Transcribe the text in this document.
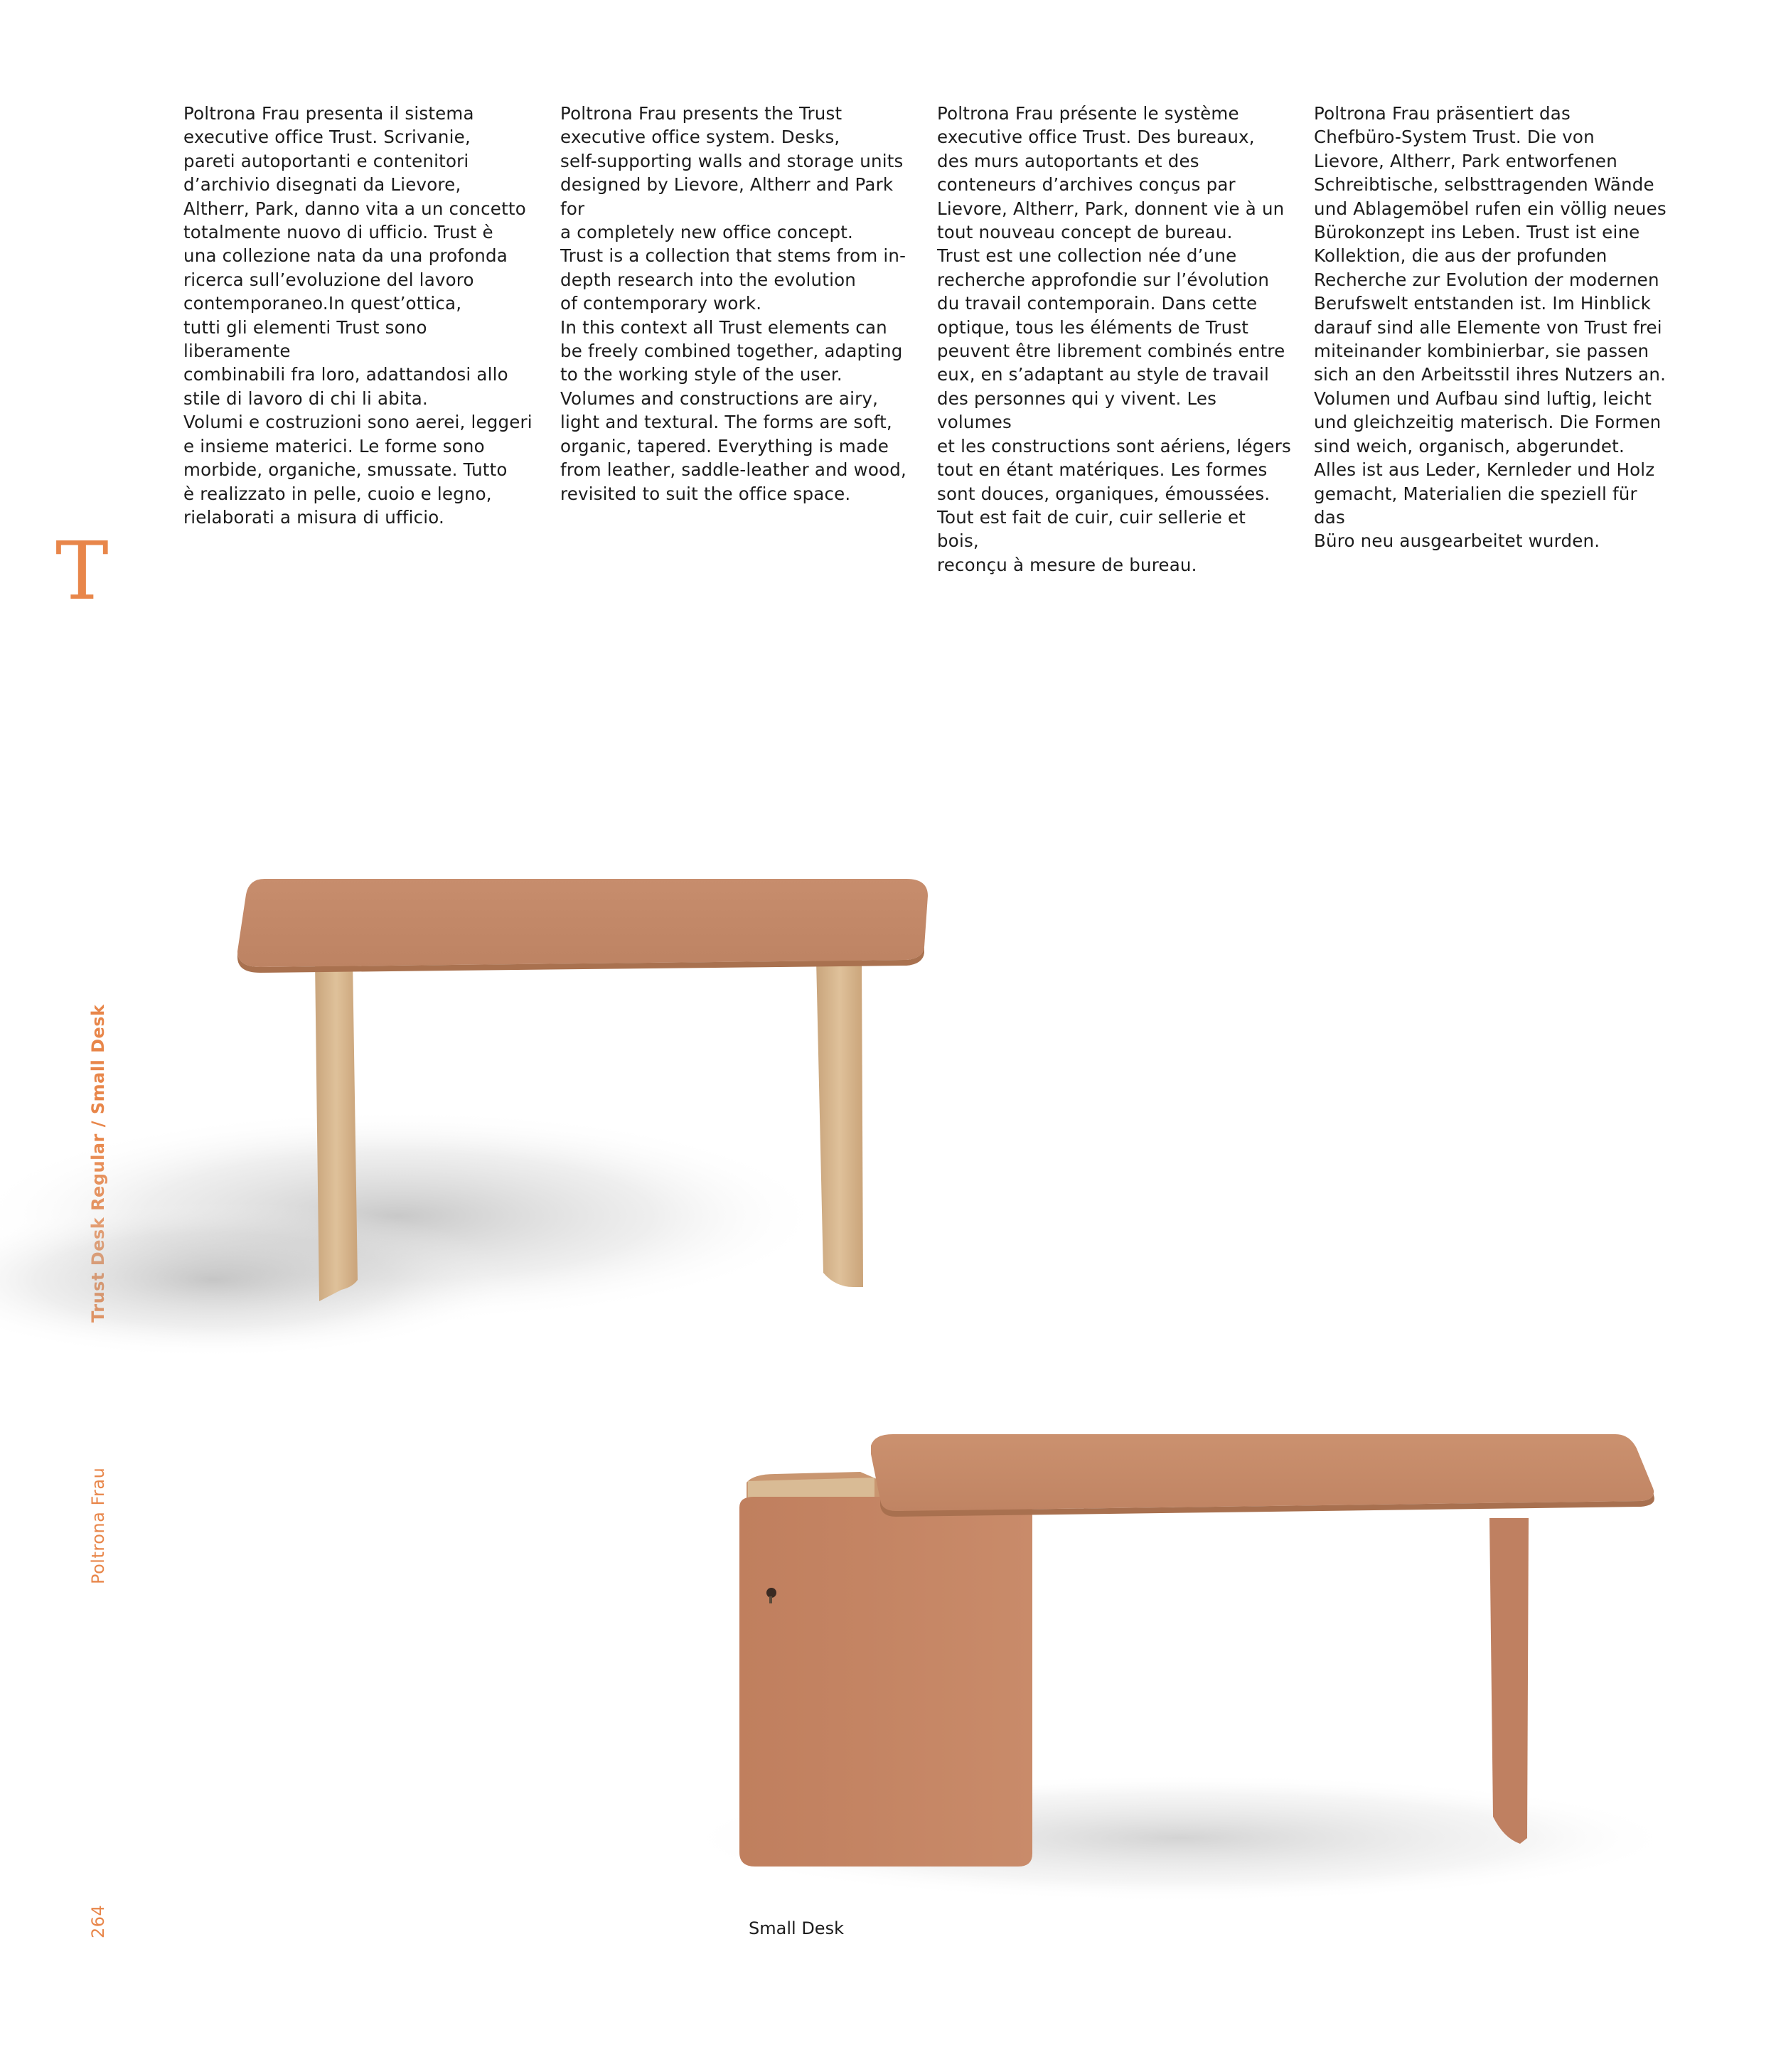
Poltrona Frau presenta il sistema

executive office Trust. Scrivanie,

pareti autoportanti e contenitori

d’archivio disegnati da Lievore,

Altherr, Park, danno vita a un concetto

totalmente nuovo di ufficio. Trust è

una collezione nata da una profonda

ricerca sull’evoluzione del lavoro

contemporaneo.In quest’ottica,

tutti gli elementi Trust sono liberamente

combinabili fra loro, adattandosi allo

stile di lavoro di chi li abita.

Volumi e costruzioni sono aerei, leggeri

e insieme materici. Le forme sono

morbide, organiche, smussate. Tutto

è realizzato in pelle, cuoio e legno,

rielaborati a misura di ufficio.

Poltrona Frau presents the Trust

executive office system. Desks,

self-supporting walls and storage units

designed by Lievore, Altherr and Park for

a completely new office concept.

Trust is a collection that stems from in-

depth research into the evolution

of contemporary work.

In this context all Trust elements can

be freely combined together, adapting

to the working style of the user.

Volumes and constructions are airy,

light and textural. The forms are soft,

organic, tapered. Everything is made

from leather, saddle-leather and wood,

revisited to suit the office space.

Poltrona Frau présente le système

executive office Trust. Des bureaux,

des murs autoportants et des

conteneurs d’archives conçus par

Lievore, Altherr, Park, donnent vie à un

tout nouveau concept de bureau.

Trust est une collection née d’une

recherche approfondie sur l’évolution

du travail contemporain. Dans cette

optique, tous les éléments de Trust

peuvent être librement combinés entre

eux, en s’adaptant au style de travail

des personnes qui y vivent. Les volumes

et les constructions sont aériens, légers

tout en étant matériques. Les formes

sont douces, organiques, émoussées.

Tout est fait de cuir, cuir sellerie et bois,

reconçu à mesure de bureau.

Poltrona Frau präsentiert das

Chefbüro-System Trust. Die von

Lievore, Altherr, Park entworfenen

Schreibtische, selbsttragenden Wände

und Ablagemöbel rufen ein völlig neues

Bürokonzept ins Leben. Trust ist eine

Kollektion, die aus der profunden

Recherche zur Evolution der modernen

Berufswelt entstanden ist. Im Hinblick

darauf sind alle Elemente von Trust frei

miteinander kombinierbar, sie passen

sich an den Arbeitsstil ihres Nutzers an.

Volumen und Aufbau sind luftig, leicht

und gleichzeitig materisch. Die Formen

sind weich, organisch, abgerundet.

Alles ist aus Leder, Kernleder und Holz

gemacht, Materialien die speziell für das

Büro neu ausgearbeitet wurden.

T
Poltrona Frau
264	Small Desk
